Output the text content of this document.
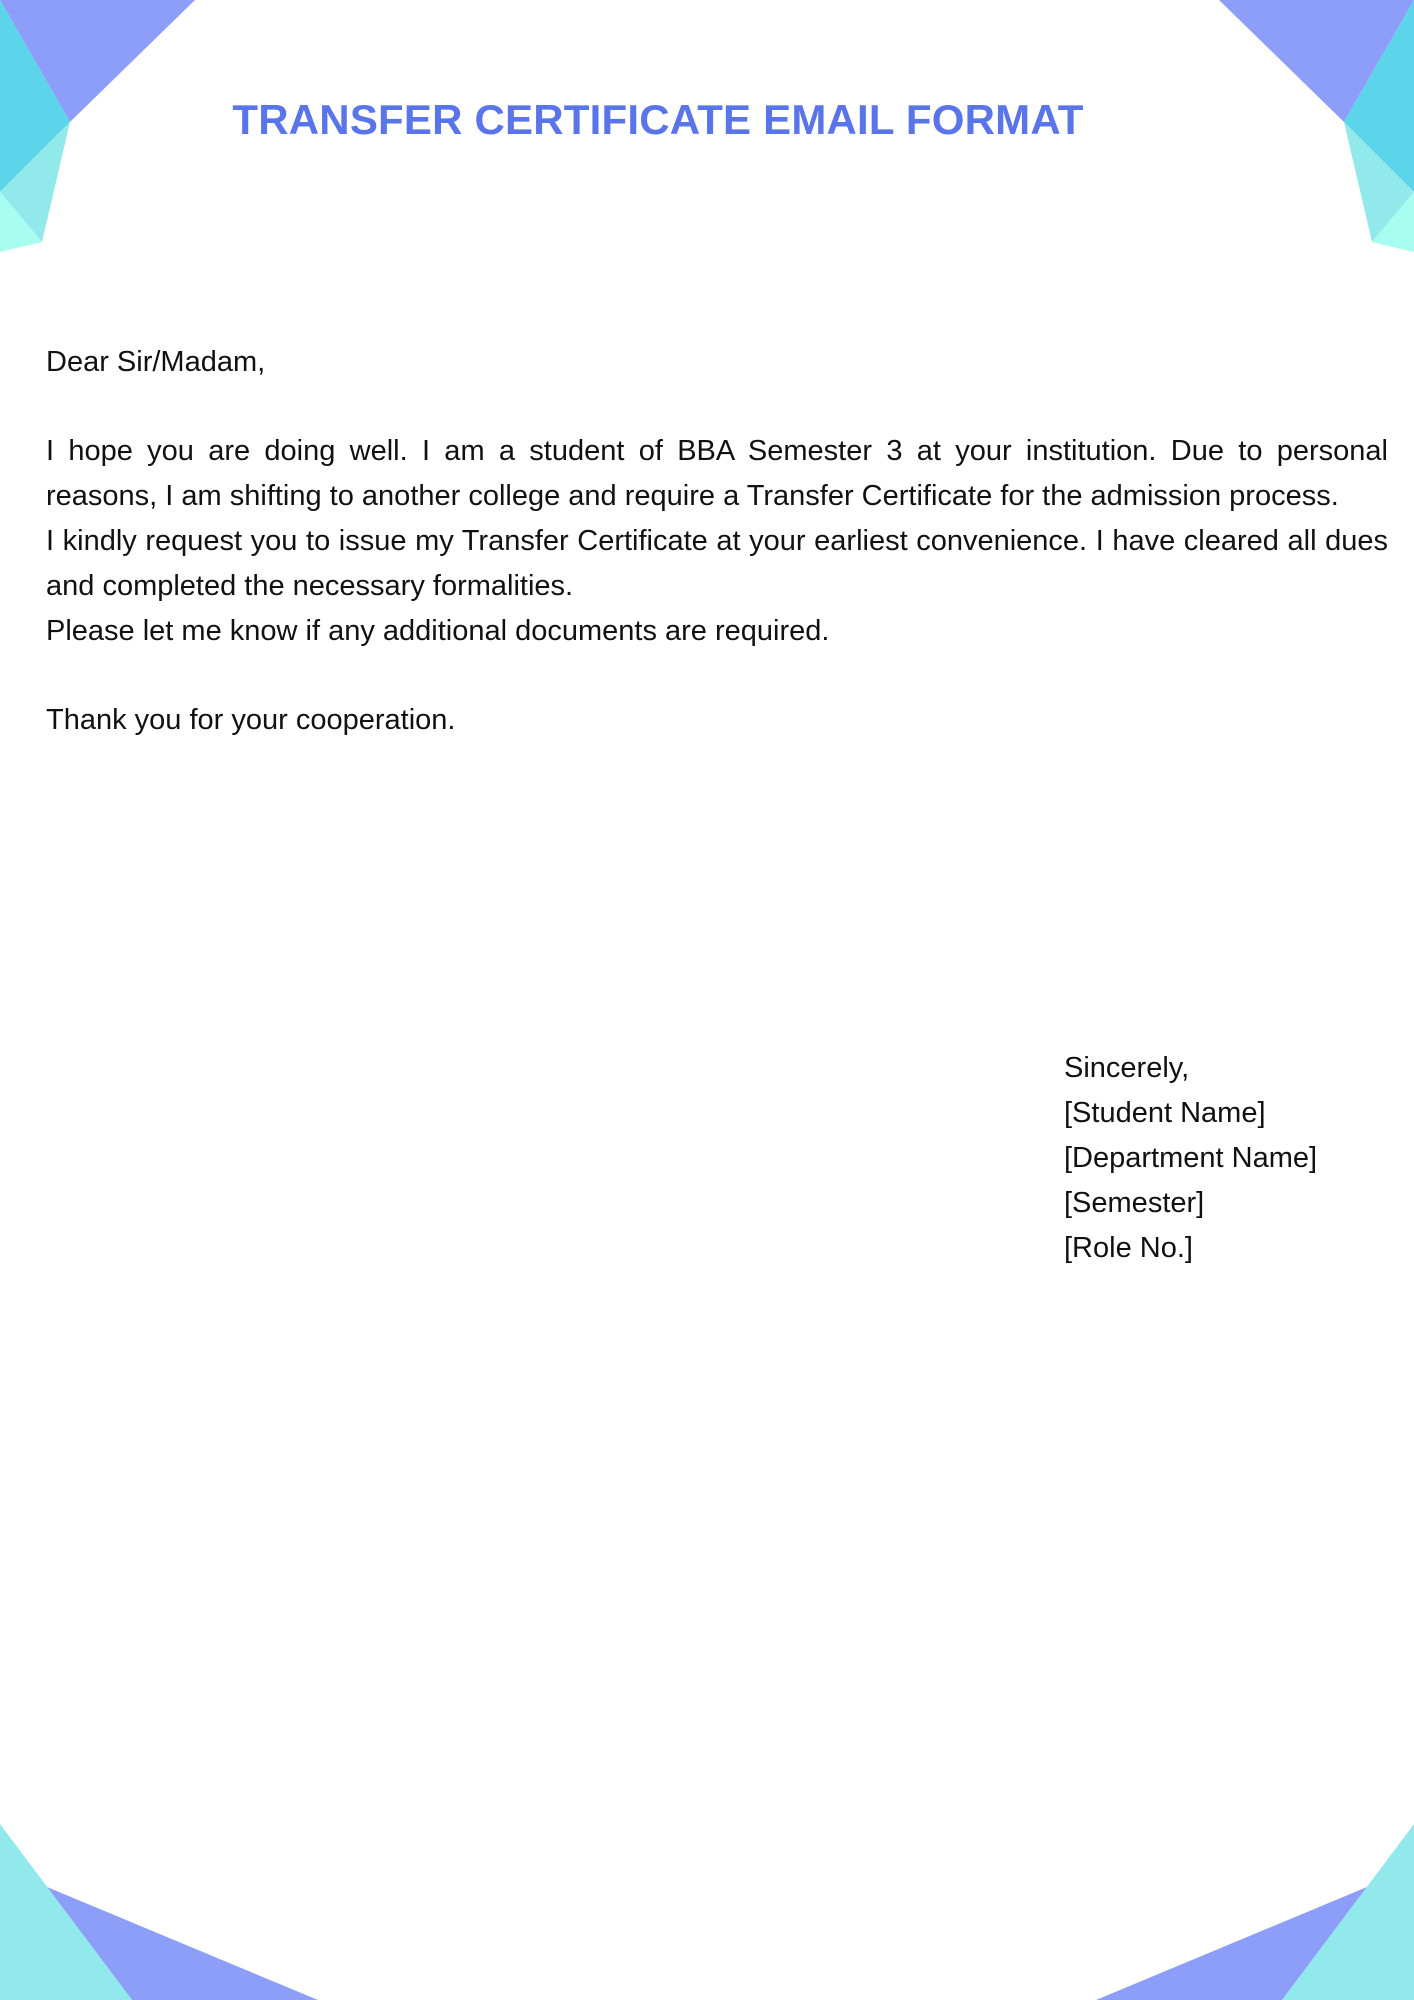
TRANSFER CERTIFICATE EMAIL FORMAT

Dear Sir/Madam,

I hope you are doing well. I am a student of BBA Semester 3 at your institution. Due to personal reasons, I am shifting to another college and require a Transfer Certificate for the admission process.

I kindly request you to issue my Transfer Certificate at your earliest convenience. I have cleared all dues and completed the necessary formalities.

Please let me know if any additional documents are required.

Thank you for your cooperation.

Sincerely,
[Student Name]
[Department Name]
[Semester]
[Role No.]
